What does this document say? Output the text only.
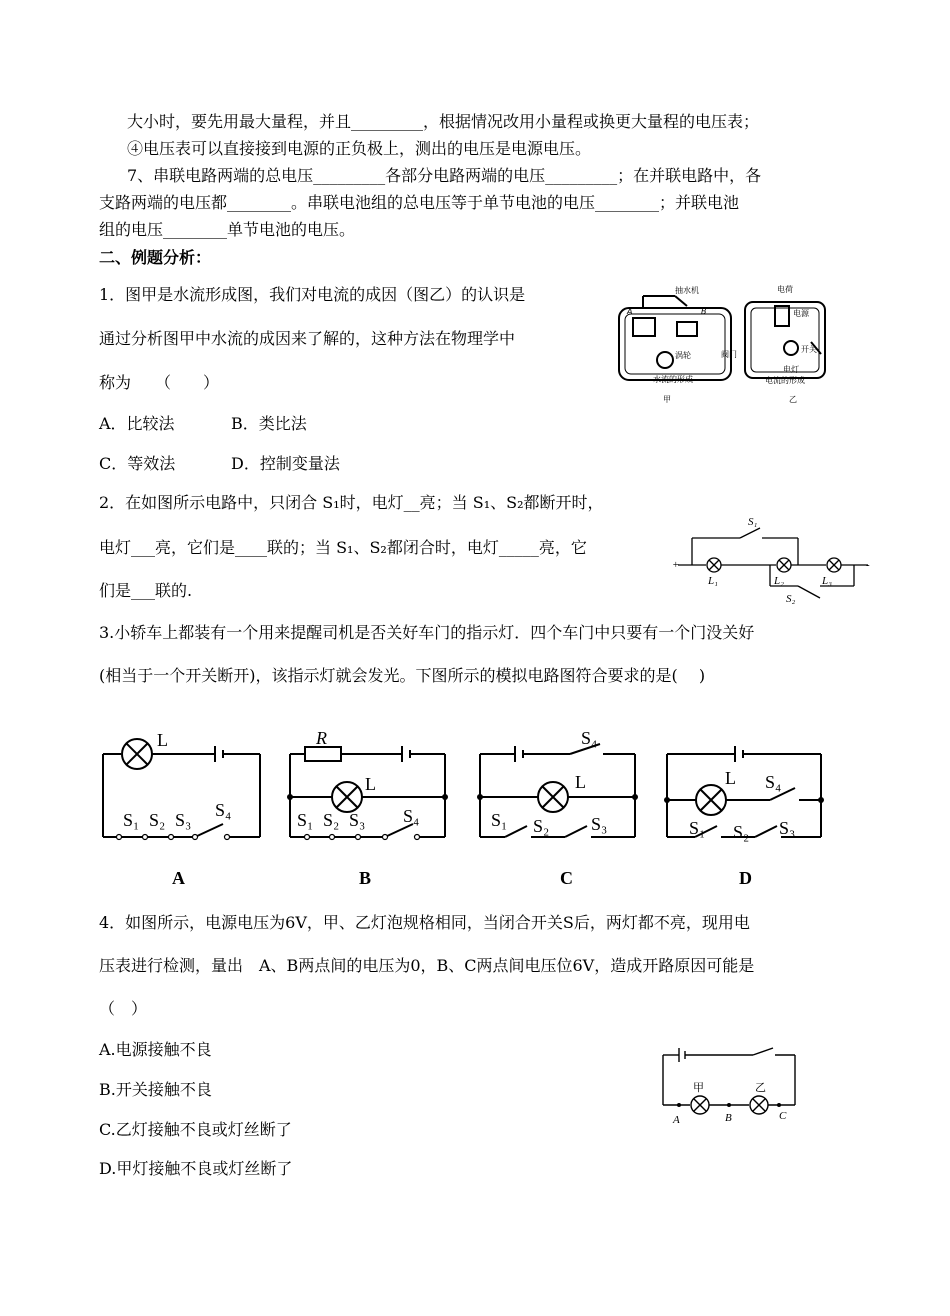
大小时，要先用最大量程，并且_________，根据情况改用小量程或换更大量程的电压表；
④电压表可以直接接到电源的正负极上，测出的电压是电源电压。
7、串联电路两端的总电压_________各部分电路两端的电压_________；在并联电路中，各
支路两端的电压都________。串联电池组的总电压等于单节电池的电压________；并联电池
组的电压________单节电池的电压。
二、例题分析：
1．图甲是水流形成图，我们对电流的成因（图乙）的认识是
通过分析图甲中水流的成因来了解的，这种方法在物理学中
称为　　（　　）
A．比较法	B．类比法
C．等效法	D．控制变量法
抽水机
A	B
阀门
涡轮
水流的形成
甲
电荷
电源
开关
电灯
电流的形成
乙
2．在如图所示电路中，只闭合 S₁时，电灯__亮；当 S₁、S₂都断开时，
电灯___亮，它们是____联的；当 S₁、S₂都闭合时，电灯_____亮，它
们是___联的.
S₁
S₂
L₁	L₂	L₃
+	-
3.小轿车上都装有一个用来提醒司机是否关好车门的指示灯．四个车门中只要有一个门没关好
(相当于一个开关断开)，该指示灯就会发光。下图所示的模拟电路图符合要求的是(　 )
L
S₁ S₂ S₃ S₄
R
L
S₁ S₂ S₃ S₄
S₄
L
S₁ S₂ S₃
L S₄
S₁ S₂ S₃
A	B	C	D
4．如图所示，电源电压为6V，甲、乙灯泡规格相同，当闭合开关S后，两灯都不亮，现用电
压表进行检测，量出　A、B两点间的电压为0，B、C两点间电压位6V，造成开路原因可能是
（　）
A.电源接触不良
B.开关接触不良
C.乙灯接触不良或灯丝断了
D.甲灯接触不良或灯丝断了
甲	乙
A	B	C
